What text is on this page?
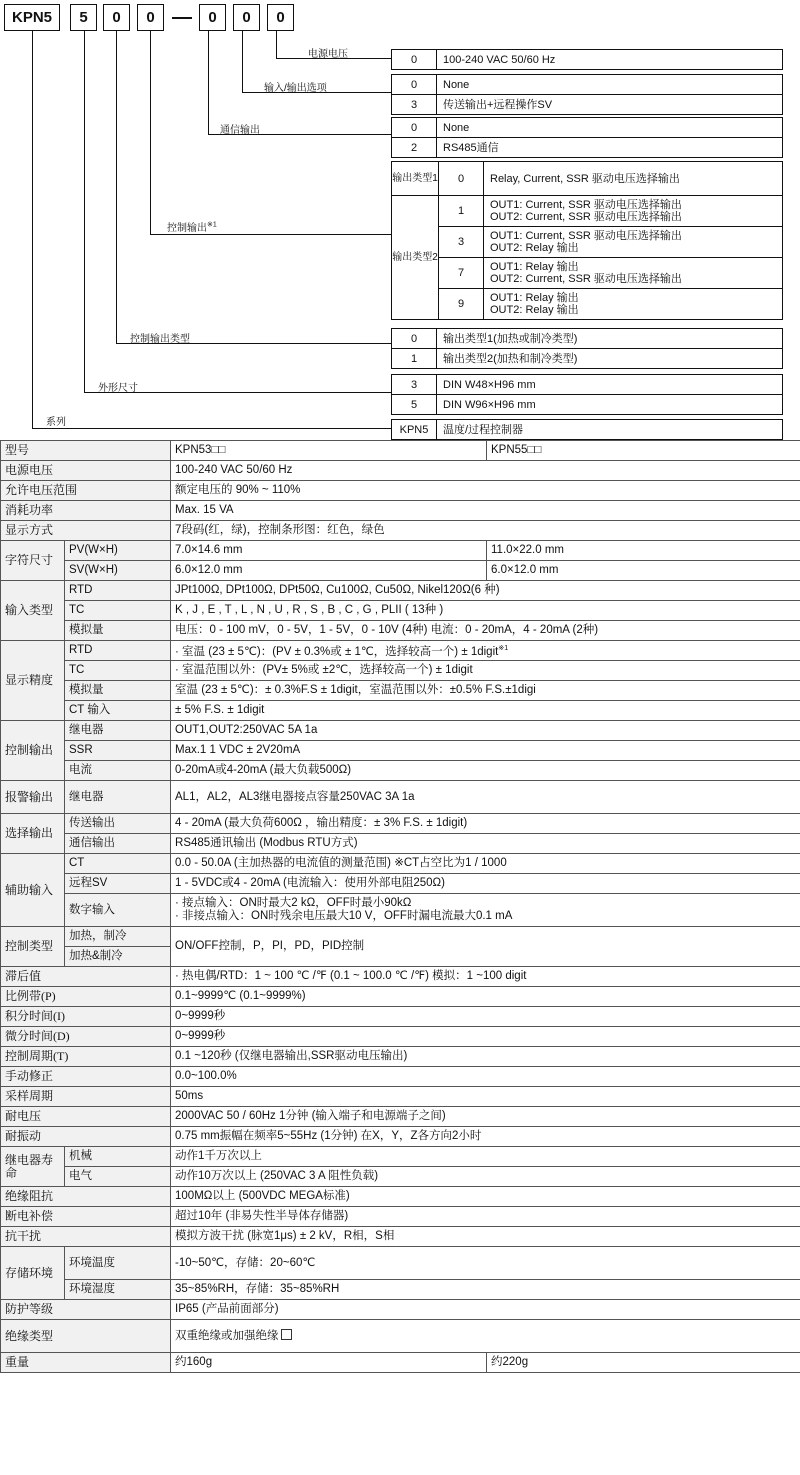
KPN5 5 0 0	0 0 0
电源电压
输入/输出选项
通信输出
控制输出$^{※1}$
控制输出类型
外形尺寸
系列
0	100-240 VAC 50/60 Hz
0	None
3	传送输出+远程操作SV
0	None
2	RS485通信
输出类型1	0	Relay, Current, SSR 驱动电压选择输出
输出类型2	1	OUT1: Current, SSR 驱动电压选择输出
OUT2: Current, SSR 驱动电压选择输出

	3	OUT1: Current, SSR 驱动电压选择输出
OUT2: Relay 输出

	7	OUT1: Relay 输出
OUT2: Current, SSR 驱动电压选择输出

	9	OUT1: Relay 输出
OUT2: Relay 输出
0	输出类型1(加热或制冷类型)
1	输出类型2(加热和制冷类型)
3	DIN W48×H96 mm
5	DIN W96×H96 mm
KPN5	温度/过程控制器
型号		KPN53□□	KPN55□□
电源电压		100-240 VAC 50/60 Hz	
允许电压范围		额定电压的 90% ~ 110%	
消耗功率		Max. 15 VA	
显示方式		7段码(红，绿)，控制条形图：红色，绿色	
字符尺寸	PV(W×H)	7.0×14.6 mm	11.0×22.0 mm
	SV(W×H)	6.0×12.0 mm	6.0×12.0 mm
输入类型	RTD	JPt100Ω, DPt100Ω, DPt50Ω, Cu100Ω, Cu50Ω, Nikel120Ω(6 种)	
	TC	K , J , E , T , L , N , U , R , S , B , C , G , PLII ( 13种 )	
	模拟量	电压：0 - 100 mV，0 - 5V，1 - 5V，0 - 10V (4种) 电流：0 - 20mA，4 - 20mA (2种)	
显示精度	RTD	· 室温 (23 ± 5℃)：(PV ± 0.3%或 ± 1℃，选择较高一个) ± 1digit$^{※1}$
	TC	· 室温范围以外：(PV± 5%或 ±2℃，选择较高一个) ± 1digit	
	模拟量	室温 (23 ± 5℃)：± 0.3%F.S ± 1digit，室温范围以外：±0.5% F.S.±1digi	
	CT 输入	± 5% F.S. ± 1digit	
控制输出	继电器	OUT1,OUT2:250VAC 5A 1a	
	SSR	Max.1 1 VDC ± 2V20mA	
	电流	0-20mA或4-20mA (最大负载500Ω)	
报警输出	继电器	AL1，AL2，AL3继电器接点容量250VAC 3A 1a	
选择输出	传送输出	4 - 20mA (最大负荷600Ω ，输出精度：± 3% F.S. ± 1digit)	
	通信输出	RS485通讯输出 (Modbus RTU方式)	
辅助输入	CT	0.0 - 50.0A (主加热器的电流值的测量范围) ※CT占空比为1 / 1000	
	远程SV	1 - 5VDC或4 - 20mA (电流输入：使用外部电阻250Ω)	
	数字输入	· 接点输入：ON时最大2 kΩ，OFF时最小90kΩ
· 非接点输入：ON时残余电压最大10 V，OFF时漏电流最大0.1 mA	

控制类型	加热，制冷	ON/OFF控制，P，PI，PD，PID控制	
	加热&制冷		
滞后值		· 热电偶/RTD：1 ~ 100 ℃ /℉ (0.1 ~ 100.0 ℃ /℉) 模拟：1 ~100 digit	
比例带(P)		0.1~9999℃ (0.1~9999%)	
积分时间(I)		0~9999秒	
微分时间(D)		0~9999秒	
控制周期(T)		0.1 ~120秒 (仅继电器输出,SSR驱动电压输出)	
手动修正		0.0~100.0%	
采样周期		50ms	
耐电压		2000VAC 50 / 60Hz 1分钟 (输入端子和电源端子之间)	
耐振动		0.75 mm振幅在频率5~55Hz (1分钟) 在X，Y，Z各方向2小时	
继电器寿命	机械	动作1千万次以上	
	电气	动作10万次以上 (250VAC 3 A 阻性负载)	
绝缘阻抗		100MΩ以上 (500VDC MEGA标准)	
断电补偿		超过10年 (非易失性半导体存储器)	
抗干扰		模拟方波干扰 (脉宽1μs) ± 2 kV，R相，S相	
存储环境	环境温度	-10~50℃，存储：20~60℃	
	环境湿度	35~85%RH，存储：35~85%RH	
防护等级		IP65 (产品前面部分)	
绝缘类型		双重绝缘或加强绝缘	
重量		约160g	约220g
